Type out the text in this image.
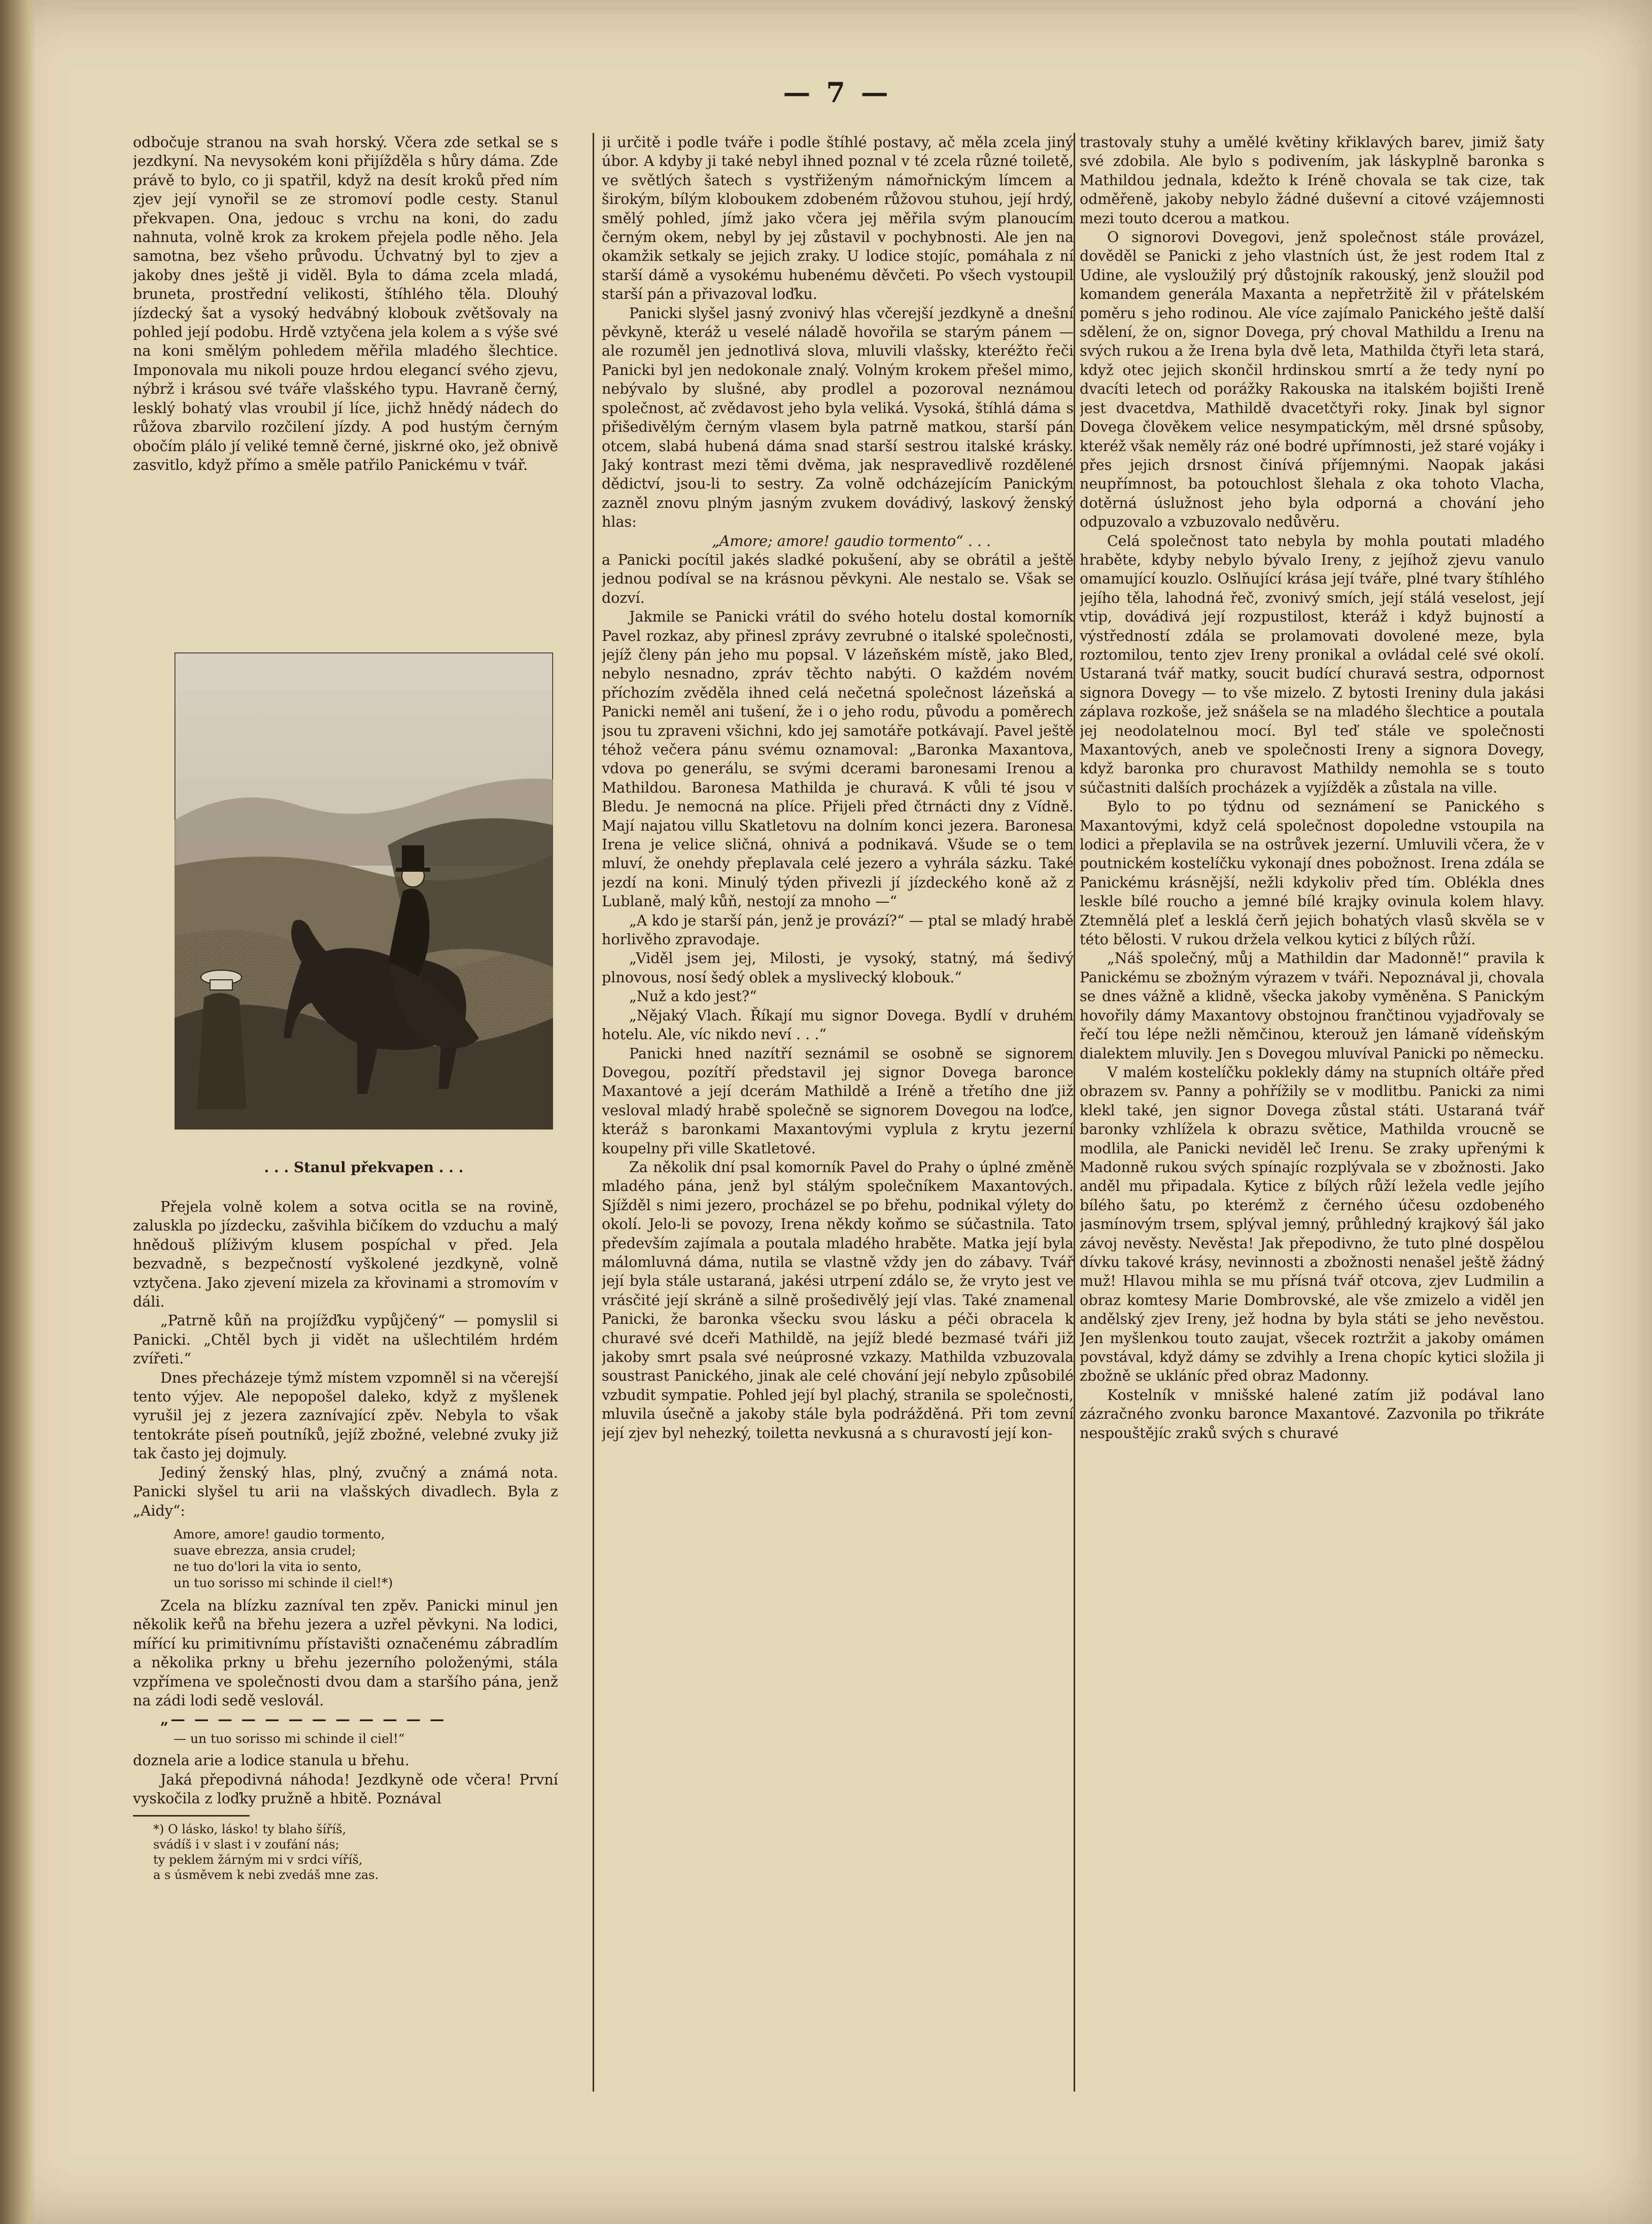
— 7 —

odbočuje stranou na svah horský. Včera zde setkal se s jezdkyní. Na nevysokém koni přijížděla s hůry dáma. Zde právě to bylo, co ji spatřil, když na desít kroků před ním zjev její vynořil se ze stromoví podle cesty. Stanul překvapen. Ona, jedouc s vrchu na koni, do zadu nahnuta, volně krok za krokem přejela podle něho. Jela samotna, bez všeho průvodu. Úchvatný byl to zjev a jakoby dnes ještě ji viděl. Byla to dáma zcela mladá, bruneta, prostřední velikosti, štíhlého těla. Dlouhý jízdecký šat a vysoký hedvábný klobouk zvětšovaly na pohled její podobu. Hrdě vztyčena jela kolem a s výše své na koni smělým pohledem měřila mladého šlechtice. Imponovala mu nikoli pouze hrdou elegancí svého zjevu, nýbrž i krásou své tváře vlašského typu. Havraně černý, lesklý bohatý vlas vroubil jí líce, jichž hnědý nádech do růžova zbarvilo rozčilení jízdy. A pod hustým černým obočím plálo jí veliké temně černé, jiskrné oko, jež obnivě zasvitlo, když přímo a směle patřilo Panickému v tvář.

. . . Stanul překvapen . . .

Přejela volně kolem a sotva ocitla se na rovině, zaluskla po jízdecku, zašvihla bičíkem do vzduchu a malý hnědouš plíživým klusem pospíchal v před. Jela bezvadně, s bezpečností vyškolené jezdkyně, volně vztyčena. Jako zjevení mizela za křovinami a stromovím v dáli.

„Patrně kůň na projížďku vypůjčený“ — pomyslil si Panicki. „Chtěl bych ji vidět na ušlechtilém hrdém zvířeti.“

Dnes přecházeje týmž místem vzpomněl si na včerejší tento výjev. Ale nepopošel daleko, když z myšlenek vyrušil jej z jezera zaznívající zpěv. Nebyla to však tentokráte píseň poutníků, jejíž zbožné, velebné zvuky již tak často jej dojmuly.

Jediný ženský hlas, plný, zvučný a známá nota. Panicki slyšel tu arii na vlašských divadlech. Byla z „Aidy“:

Amore, amore! gaudio tormento,
suave ebrezza, ansia crudel;
ne tuo do'lori la vita io sento,
un tuo sorisso mi schinde il ciel!*)

Zcela na blízku zazníval ten zpěv. Panicki minul jen několik keřů na břehu jezera a uzřel pěvkyni. Na lodici, mířící ku primitivnímu přístavišti označenému zábradlím a několika prkny u břehu jezerního položenými, stála vzpřímena ve společnosti dvou dam a staršího pána, jenž na zádi lodi sedě veslovál.

„— — — — — — — — — — — —

— un tuo sorisso mi schinde il ciel!“

doznela arie a lodice stanula u břehu.

Jaká přepodivná náhoda! Jezdkyně ode včera! První vyskočila z loďky pružně a hbitě. Poznával

*) O lásko, lásko! ty blaho šíříš,
svádíš i v slast i v zoufání nás;
ty peklem žárným mi v srdci víříš,
a s úsměvem k nebi zvedáš mne zas.

ji určitě i podle tváře i podle štíhlé postavy, ač měla zcela jiný úbor. A kdyby ji také nebyl ihned poznal v té zcela různé toiletě, ve světlých šatech s vystřiženým námořnickým límcem a širokým, bílým kloboukem zdobeném růžovou stuhou, její hrdý, smělý pohled, jímž jako včera jej měřila svým planoucím černým okem, nebyl by jej zůstavil v pochybnosti. Ale jen na okamžik setkaly se jejich zraky. U lodice stojíc, pomáhala z ní starší dámě a vysokému hubenému děvčeti. Po všech vystoupil starší pán a přivazoval loďku.

Panicki slyšel jasný zvonivý hlas včerejší jezdkyně a dnešní pěvkyně, kteráž u veselé náladě hovořila se starým pánem — ale rozuměl jen jednotlivá slova, mluvili vlašsky, kteréžto řeči Panicki byl jen nedokonale znalý. Volným krokem přešel mimo, nebývalo by slušné, aby prodlel a pozoroval neznámou společnost, ač zvědavost jeho byla veliká. Vysoká, štíhlá dáma s přišedivělým černým vlasem byla patrně matkou, starší pán otcem, slabá hubená dáma snad starší sestrou italské krásky. Jaký kontrast mezi těmi dvěma, jak nespravedlivě rozdělené dědictví, jsou-li to sestry. Za volně odcházejícím Panickým zazněl znovu plným jasným zvukem dovádivý, laskový ženský hlas:

„Amore; amore! gaudio tormento“ . . .

a Panicki pocítil jakés sladké pokušení, aby se obrátil a ještě jednou podíval se na krásnou pěvkyni. Ale nestalo se. Však se dozví.

Jakmile se Panicki vrátil do svého hotelu dostal komorník Pavel rozkaz, aby přinesl zprávy zevrubné o italské společnosti, jejíž členy pán jeho mu popsal. V lázeňském místě, jako Bled, nebylo nesnadno, zpráv těchto nabýti. O každém novém příchozím zvěděla ihned celá nečetná společnost lázeňská a Panicki neměl ani tušení, že i o jeho rodu, původu a poměrech jsou tu zpraveni všichni, kdo jej samotáře potkávají. Pavel ještě téhož večera pánu svému oznamoval: „Baronka Maxantova, vdova po generálu, se svými dcerami baronesami Irenou a Mathildou. Baronesa Mathilda je churavá. K vůli té jsou v Bledu. Je nemocná na plíce. Přijeli před čtrnácti dny z Vídně. Mají najatou villu Skatletovu na dolním konci jezera. Baronesa Irena je velice sličná, ohnivá a podnikavá. Všude se o tem mluví, že onehdy přeplavala celé jezero a vyhrála sázku. Také jezdí na koni. Minulý týden přivezli jí jízdeckého koně až z Lublaně, malý kůň, nestojí za mnoho —“

„A kdo je starší pán, jenž je provází?“ — ptal se mladý hrabě horlivěho zpravodaje.

„Viděl jsem jej, Milosti, je vysoký, statný, má šedivý plnovous, nosí šedý oblek a myslivecký klobouk.“

„Nuž a kdo jest?“

„Nějaký Vlach. Říkají mu signor Dovega. Bydlí v druhém hotelu. Ale, víc nikdo neví . . .“

Panicki hned nazítří seznámil se osobně se signorem Dovegou, pozítří představil jej signor Dovega baronce Maxantové a její dcerám Mathildě a Iréně a třetího dne již vesloval mladý hrabě společně se signorem Dovegou na loďce, kteráž s baronkami Maxantovými vyplula z krytu jezerní koupelny při ville Skatletové.

Za několik dní psal komorník Pavel do Prahy o úplné změně mladého pána, jenž byl stálým společníkem Maxantových. Sjížděl s nimi jezero, procházel se po břehu, podnikal výlety do okolí. Jelo-li se povozy, Irena někdy koňmo se súčastnila. Tato především zajímala a poutala mladého hraběte. Matka její byla málomluvná dáma, nutila se vlastně vždy jen do zábavy. Tvář její byla stále ustaraná, jakési utrpení zdálo se, že vryto jest ve vrásčité její skráně a silně prošedivělý její vlas. Také znamenal Panicki, že baronka všecku svou lásku a péči obracela k churavé své dceři Mathildě, na jejíž bledé bezmasé tváři již jakoby smrt psala své neúprosné vzkazy. Mathilda vzbuzovala soustrast Panického, jinak ale celé chování její nebylo způsobilé vzbudit sympatie. Pohled její byl plachý, stranila se společnosti, mluvila úsečně a jakoby stále byla podrážděná. Při tom zevní její zjev byl nehezký, toiletta nevkusná a s churavostí její kon-

trastovaly stuhy a umělé květiny křiklavých barev, jimiž šaty své zdobila. Ale bylo s podivením, jak láskyplně baronka s Mathildou jednala, kdežto k Iréně chovala se tak cize, tak odměřeně, jakoby nebylo žádné duševní a citové vzájemnosti mezi touto dcerou a matkou.

O signorovi Dovegovi, jenž společnost stále provázel, dověděl se Panicki z jeho vlastních úst, že jest rodem Ital z Udine, ale vysloužilý prý důstojník rakouský, jenž sloužil pod komandem generála Maxanta a nepřetržitě žil v přátelském poměru s jeho rodinou. Ale více zajímalo Panického ještě další sdělení, že on, signor Dovega, prý choval Mathildu a Irenu na svých rukou a že Irena byla dvě leta, Mathilda čtyři leta stará, když otec jejich skončil hrdinskou smrtí a že tedy nyní po dvacíti letech od porážky Rakouska na italském bojišti Ireně jest dvacetdva, Mathildě dvacetčtyři roky. Jinak byl signor Dovega člověkem velice nesympatickým, měl drsné spůsoby, kteréž však neměly ráz oné bodré upřímnosti, jež staré vojáky i přes jejich drsnost činívá příjemnými. Naopak jakási neupřímnost, ba potouchlost šlehala z oka tohoto Vlacha, dotěrná úslužnost jeho byla odporná a chování jeho odpuzovalo a vzbuzovalo nedůvěru.

Celá společnost tato nebyla by mohla poutati mladého hraběte, kdyby nebylo bývalo Ireny, z jejíhož zjevu vanulo omamující kouzlo. Oslňující krása její tváře, plné tvary štíhlého jejího těla, lahodná řeč, zvonivý smích, její stálá veselost, její vtip, dovádivá její rozpustilost, kteráž i když bujností a výstředností zdála se prolamovati dovolené meze, byla roztomilou, tento zjev Ireny pronikal a ovládal celé své okolí. Ustaraná tvář matky, soucit budící churavá sestra, odpornost signora Dovegy — to vše mizelo. Z bytosti Ireniny dula jakási záplava rozkoše, jež snášela se na mladého šlechtice a poutala jej neodolatelnou mocí. Byl teď stále ve společnosti Maxantových, aneb ve společnosti Ireny a signora Dovegy, když baronka pro churavost Mathildy nemohla se s touto súčastniti dalších procházek a vyjížděk a zůstala na ville.

Bylo to po týdnu od seznámení se Panického s Maxantovými, když celá společnost dopoledne vstoupila na lodici a přeplavila se na ostrůvek jezerní. Umluvili včera, že v poutnickém kostelíčku vykonají dnes pobožnost. Irena zdála se Panickému krásnější, nežli kdykoliv před tím. Oblékla dnes leskle bílé roucho a jemné bílé krajky ovinula kolem hlavy. Ztemnělá pleť a lesklá čerň jejich bohatých vlasů skvěla se v této bělosti. V rukou držela velkou kytici z bílých růží.

„Náš společný, můj a Mathildin dar Madonně!“ pravila k Panickému se zbožným výrazem v tváři. Nepoznával ji, chovala se dnes vážně a klidně, všecka jakoby vyměněna. S Panickým hovořily dámy Maxantovy obstojnou frančtinou vyjadřovaly se řečí tou lépe nežli němčinou, kterouž jen lámaně vídeňským dialektem mluvily. Jen s Dovegou mluvíval Panicki po německu.

V malém kostelíčku poklekly dámy na stupních oltáře před obrazem sv. Panny a pohřížily se v modlitbu. Panicki za nimi klekl také, jen signor Dovega zůstal státi. Ustaraná tvář baronky vzhlížela k obrazu světice, Mathilda vroucně se modlila, ale Panicki neviděl leč Irenu. Se zraky upřenými k Madonně rukou svých spínajíc rozplývala se v zbožnosti. Jako anděl mu připadala. Kytice z bílých růží ležela vedle jejího bílého šatu, po kterémž z černého účesu ozdobeného jasmínovým trsem, splýval jemný, průhledný krajkový šál jako závoj nevěsty. Nevěsta! Jak přepodivno, že tuto plné dospělou dívku takové krásy, nevinnosti a zbožnosti nenašel ještě žádný muž! Hlavou mihla se mu přísná tvář otcova, zjev Ludmilin a obraz komtesy Marie Dombrovské, ale vše zmizelo a viděl jen andělský zjev Ireny, jež hodna by byla státi se jeho nevěstou. Jen myšlenkou touto zaujat, všecek roztržit a jakoby omámen povstával, když dámy se zdvihly a Irena chopíc kytici složila ji zbožně se ukláníc před obraz Madonny.

Kostelník v mnišské halené zatím již podával lano zázračného zvonku baronce Maxantové. Zazvonila po třikráte nespouštějíc zraků svých s churavé
